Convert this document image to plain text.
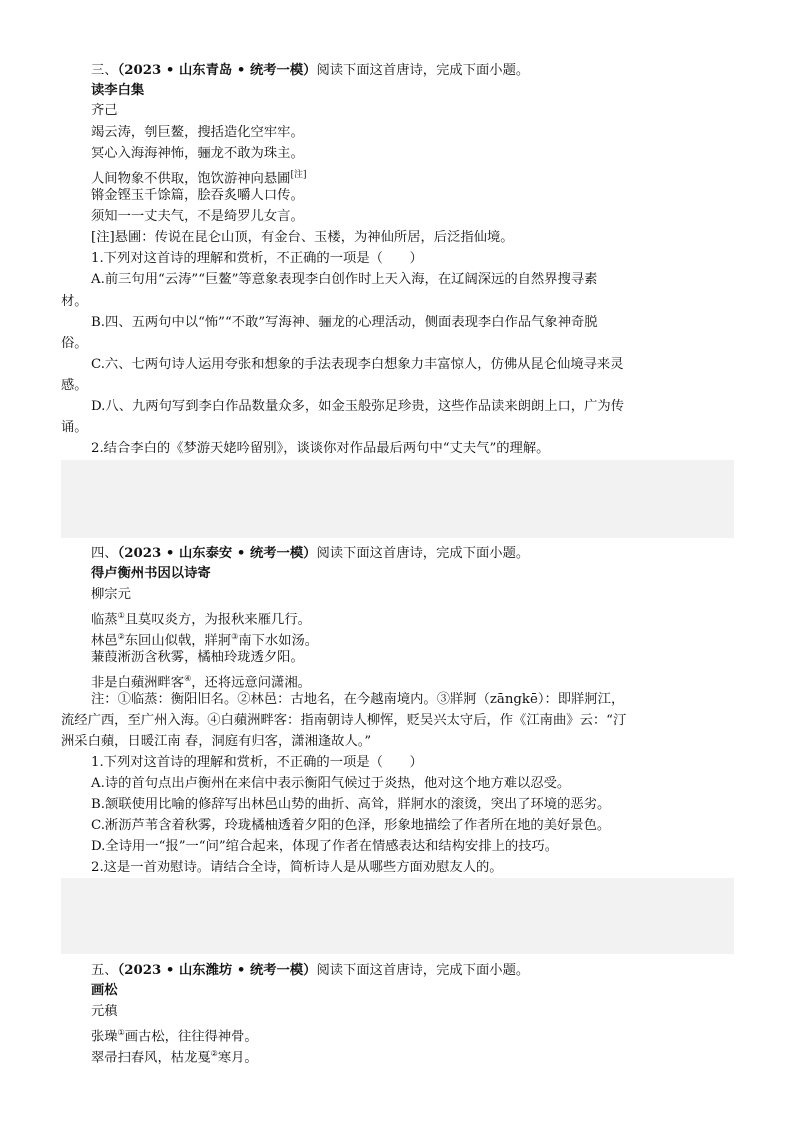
三、（2023 • 山东青岛 • 统考一模）阅读下面这首唐诗，完成下面小题。
读李白集
齐己
竭云涛，刳巨鳌，搜括造化空牢牢。
冥心入海海神怖，骊龙不敢为珠主。
人间物象不供取，饱饮游神向悬圃[注]
锵金铿玉千馀篇，脍吞炙嚼人口传。
须知一一丈夫气，不是绮罗儿女言。
[注]悬圃：传说在昆仑山顶，有金台、玉楼，为神仙所居，后泛指仙境。
1.下列对这首诗的理解和赏析，不正确的一项是（　　）
A.前三句用“云涛”“巨鳌”等意象表现李白创作时上天入海，在辽阔深远的自然界搜寻素
材。
B.四、五两句中以“怖”“不敢”写海神、骊龙的心理活动，侧面表现李白作品气象神奇脱
俗。
C.六、七两句诗人运用夸张和想象的手法表现李白想象力丰富惊人，仿佛从昆仑仙境寻来灵
感。
D.八、九两句写到李白作品数量众多，如金玉般弥足珍贵，这些作品读来朗朗上口，广为传
诵。
2.结合李白的《梦游天姥吟留别》，谈谈你对作品最后两句中“丈夫气”的理解。
四、（2023 • 山东泰安 • 统考一模）阅读下面这首唐诗，完成下面小题。
得卢衡州书因以诗寄
柳宗元
临蒸①且莫叹炎方，为报秋来雁几行。
林邑②东回山似戟，牂牁③南下水如汤。
蒹葭淅沥含秋雾，橘柚玲珑透夕阳。
非是白蘋洲畔客④，还将远意问潇湘。
注：①临蒸：衡阳旧名。②林邑：古地名，在今越南境内。③牂牁（zāngkē）：即牂牁江，
流经广西，至广州入海。④白蘋洲畔客：指南朝诗人柳恽，贬吴兴太守后，作《江南曲》云：“汀
洲采白蘋，日暖江南 春，洞庭有归客，潇湘逢故人。”
1.下列对这首诗的理解和赏析，不正确的一项是（　　）
A.诗的首句点出卢衡州在来信中表示衡阳气候过于炎热，他对这个地方难以忍受。
B.颔联使用比喻的修辞写出林邑山势的曲折、高耸，牂牁水的滚烫，突出了环境的恶劣。
C.淅沥芦苇含着秋雾，玲珑橘柚透着夕阳的色泽，形象地描绘了作者所在地的美好景色。
D.全诗用一“报”一“问”绾合起来，体现了作者在情感表达和结构安排上的技巧。
2.这是一首劝慰诗。请结合全诗，简析诗人是从哪些方面劝慰友人的。
五、（2023 • 山东潍坊 • 统考一模）阅读下面这首唐诗，完成下面小题。
画松
元稹
张璪①画古松，往往得神骨。
翠帚扫春风，枯龙戛②寒月。
